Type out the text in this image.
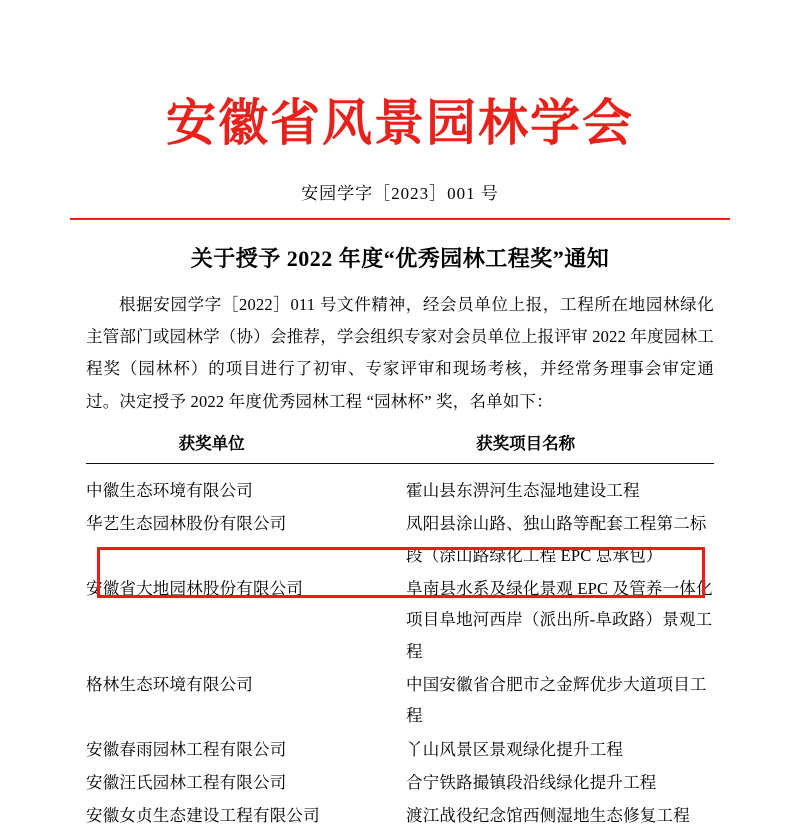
安徽省风景园林学会
安园学字［2023］001 号
关于授予 2022 年度“优秀园林工程奖”通知

根据安园学字［2022］011 号文件精神，经会员单位上报，工程所在地园林绿化主管部门或园林学（协）会推荐，学会组织专家对会员单位上报评审 2022 年度园林工程奖（园林杯）的项目进行了初审、专家评审和现场考核，并经常务理事会审定通过。决定授予 2022 年度优秀园林工程 “园林杯” 奖，名单如下：

获奖单位	获奖项目名称
中徽生态环境有限公司	霍山县东淠河生态湿地建设工程
华艺生态园林股份有限公司	凤阳县涂山路、独山路等配套工程第二标段（涂山路绿化工程 EPC 总承包）
安徽省大地园林股份有限公司	阜南县水系及绿化景观 EPC 及管养一体化项目阜地河西岸（派出所-阜政路）景观工程
格林生态环境有限公司	中国安徽省合肥市之金辉优步大道项目工程
安徽春雨园林工程有限公司	丫山风景区景观绿化提升工程
安徽汪氏园林工程有限公司	合宁铁路撮镇段沿线绿化提升工程
安徽女贞生态建设工程有限公司	渡江战役纪念馆西侧湿地生态修复工程
